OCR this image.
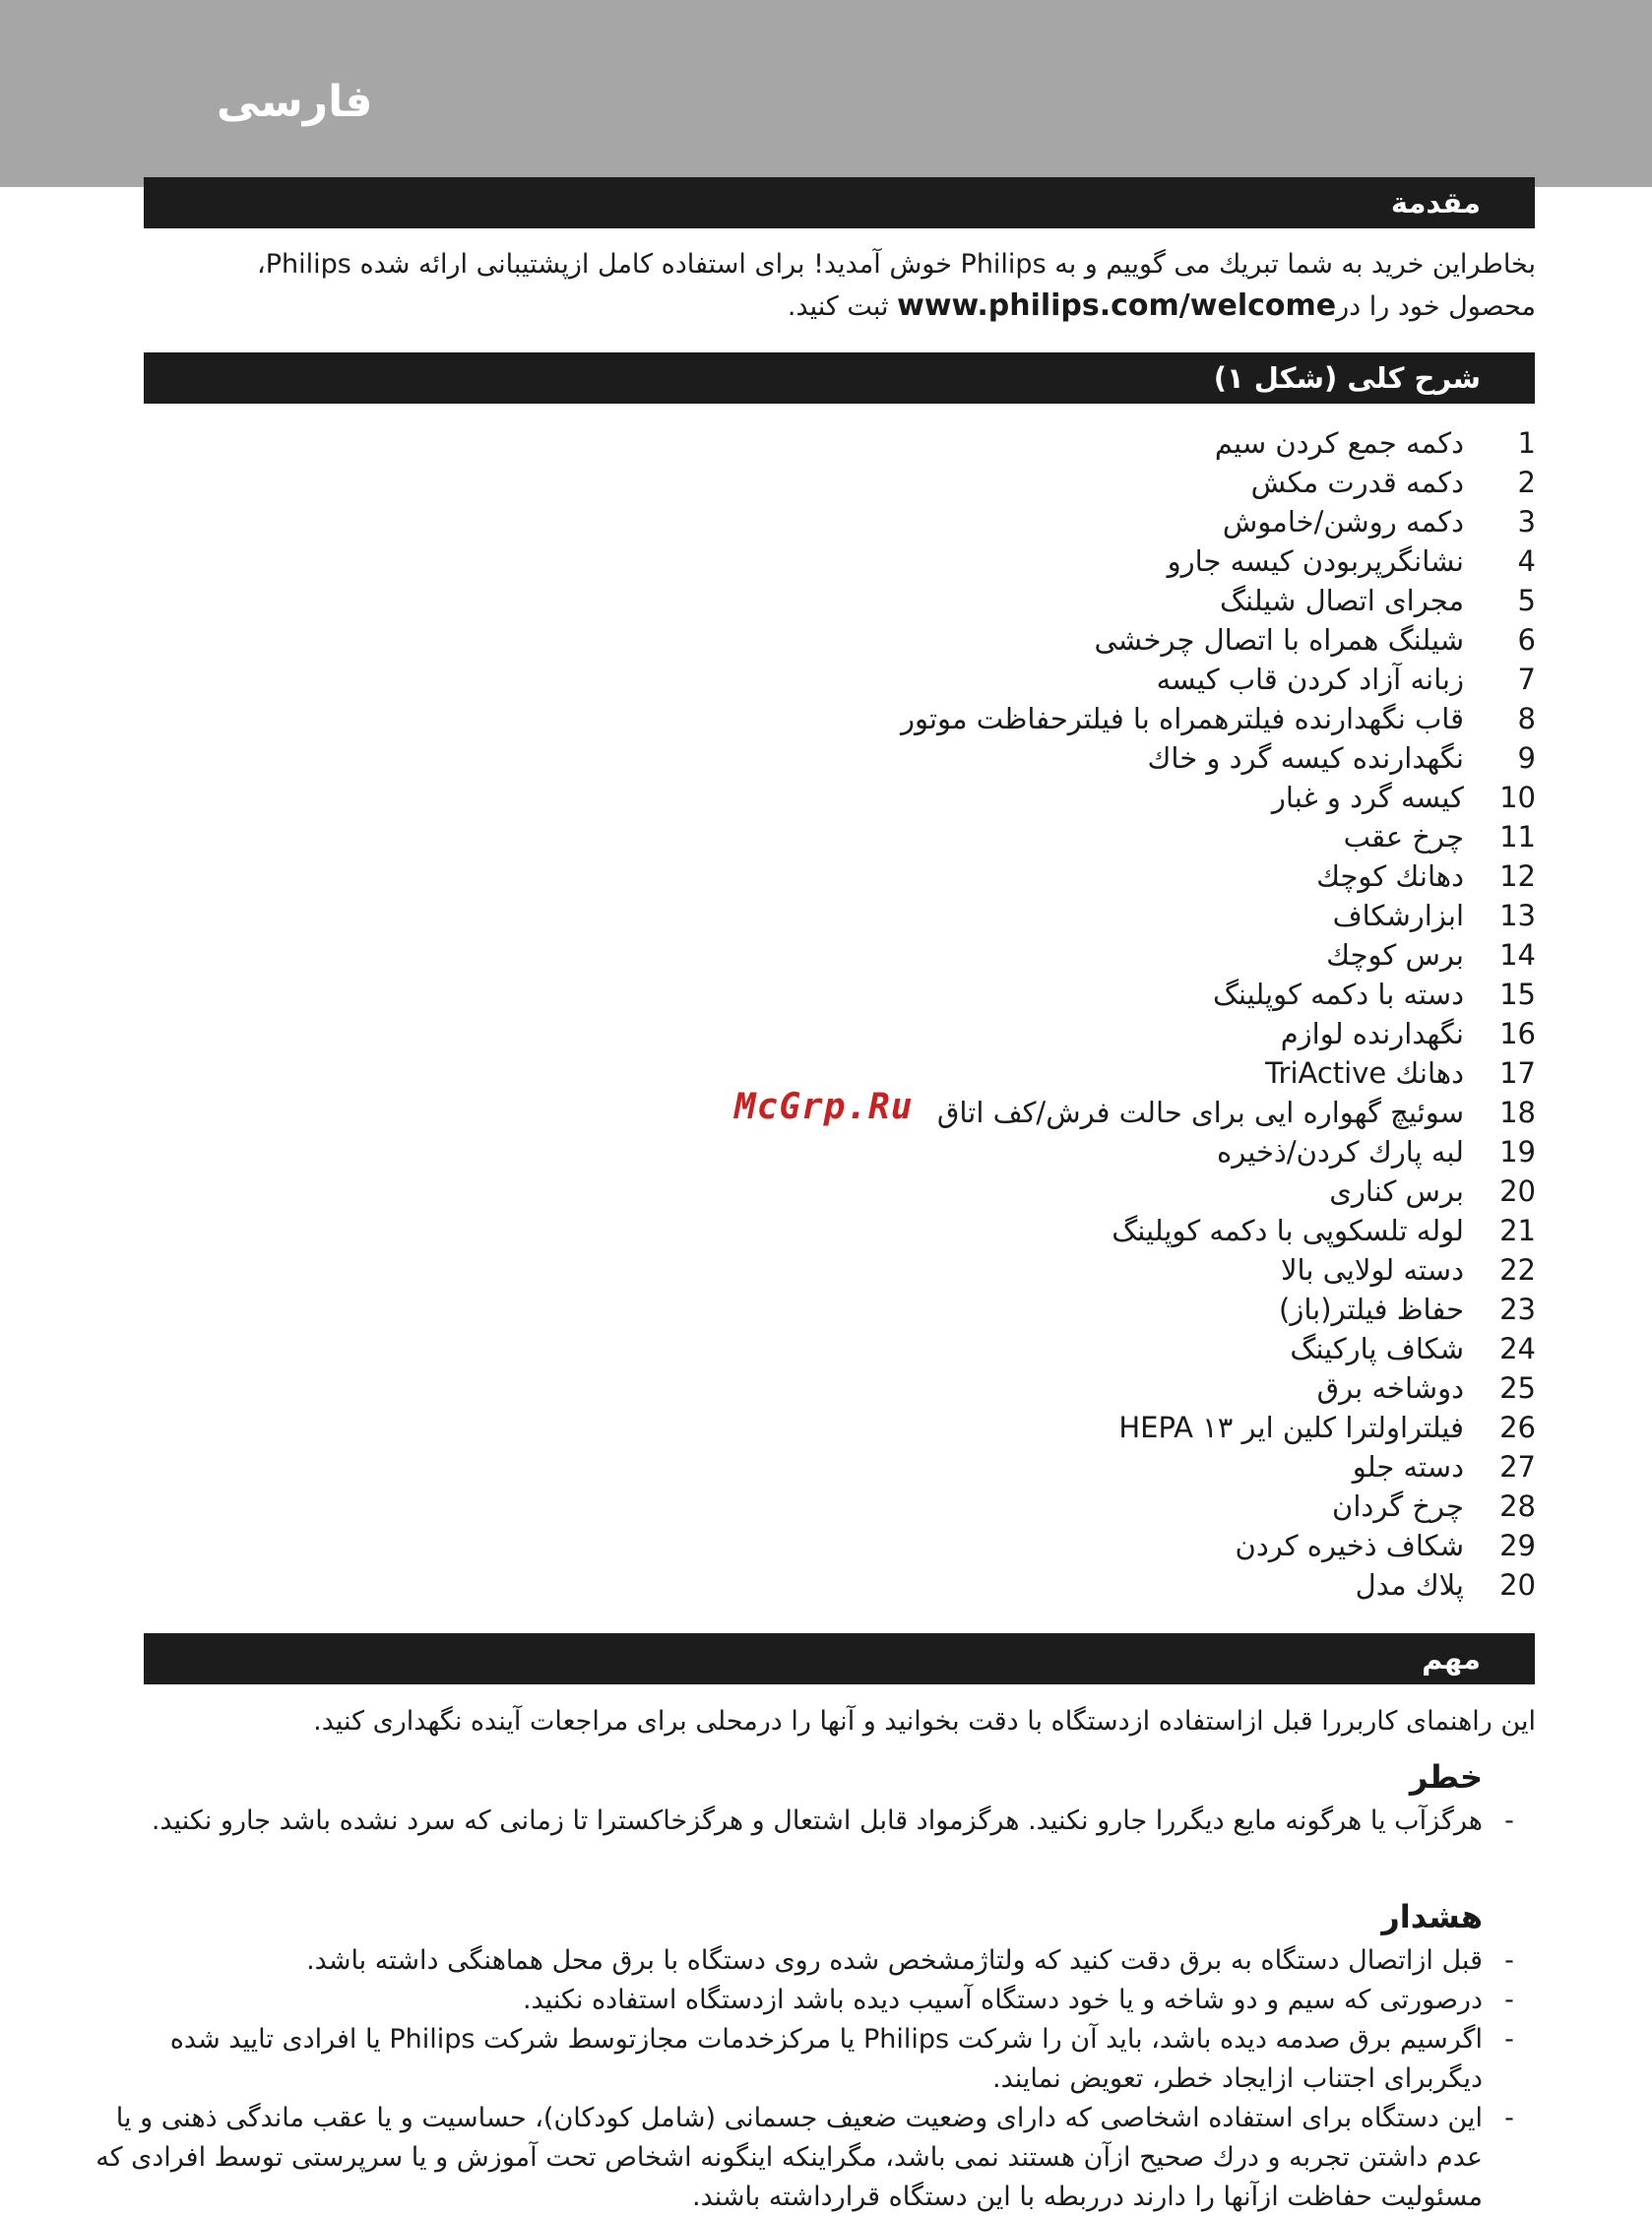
فارسی
مقدمة
بخاطراین خرید به شما تبریك می گوییم و به Philips خوش آمدید! برای استفاده کامل ازپشتیبانی ارائه شده Philips،
محصول خود را درwww.philips.com/welcome ثبت کنید.
شرح کلی (شکل ۱)
1
دکمه جمع کردن سیم
2
دکمه قدرت مکش
3
دکمه روشن/خاموش
4
نشانگرپربودن کیسه جارو
5
مجرای اتصال شیلنگ
6
شیلنگ همراه با اتصال چرخشی
7
زبانه آزاد کردن قاب کیسه
8
قاب نگهدارنده فیلترهمراه با فیلترحفاظت موتور
9
نگهدارنده کیسه گرد و خاك
10
کیسه گرد و غبار
11
چرخ عقب
12
دهانك كوچك
13
ابزارشکاف
14
برس كوچك
15
دسته با دکمه کوپلینگ
16
نگهدارنده لوازم
17
دهانك TriActive
18
سوئیچ گهواره ایی برای حالت فرش/کف اتاق
19
لبه پارك كردن/ذخيره
20
برس کناری
21
لوله تلسکوپی با دکمه کوپلینگ
22
دسته لولایی بالا
23
حفاظ فیلتر(باز)
24
شکاف پارکینگ
25
دوشاخه برق
26
فیلتراولترا کلین ایر HEPA ۱۳
27
دسته جلو
28
چرخ گردان
29
شكاف ذخيره کردن
20
پلاك مدل
McGrp.Ru
مهم
این راهنمای کاربررا قبل ازاستفاده ازدستگاه با دقت بخوانید و آنها را درمحلی برای مراجعات آینده نگهداری کنید.
خطر
-
هرگزآب یا هرگونه مایع دیگررا جارو نکنید. هرگزمواد قابل اشتعال و هرگزخاکسترا تا زمانی که سرد نشده باشد جارو نکنید.
هشدار
-
قبل ازاتصال دستگاه به برق دقت کنید که ولتاژمشخص شده روی دستگاه با برق محل هماهنگی داشته باشد.
-
درصورتی که سیم و دو شاخه و یا خود دستگاه آسیب دیده باشد ازدستگاه استفاده نکنید.
-
اگرسیم برق صدمه دیده باشد، باید آن را شرکت Philips یا مرکزخدمات مجازتوسط شرکت Philips یا افرادی تایید شده دیگربرای اجتناب ازایجاد خطر، تعویض نمایند.
-
این دستگاه برای استفاده اشخاصی که دارای وضعیت ضعیف جسمانی (شامل کودکان)، حساسیت و یا عقب ماندگی ذهنی و یا عدم داشتن تجربه و درك صحیح ازآن هستند نمی باشد، مگراینکه اینگونه اشخاص تحت آموزش و یا سرپرستی توسط افرادی که مسئولیت حفاظت ازآنها را دارند درربطه با این دستگاه قرارداشته باشند.
